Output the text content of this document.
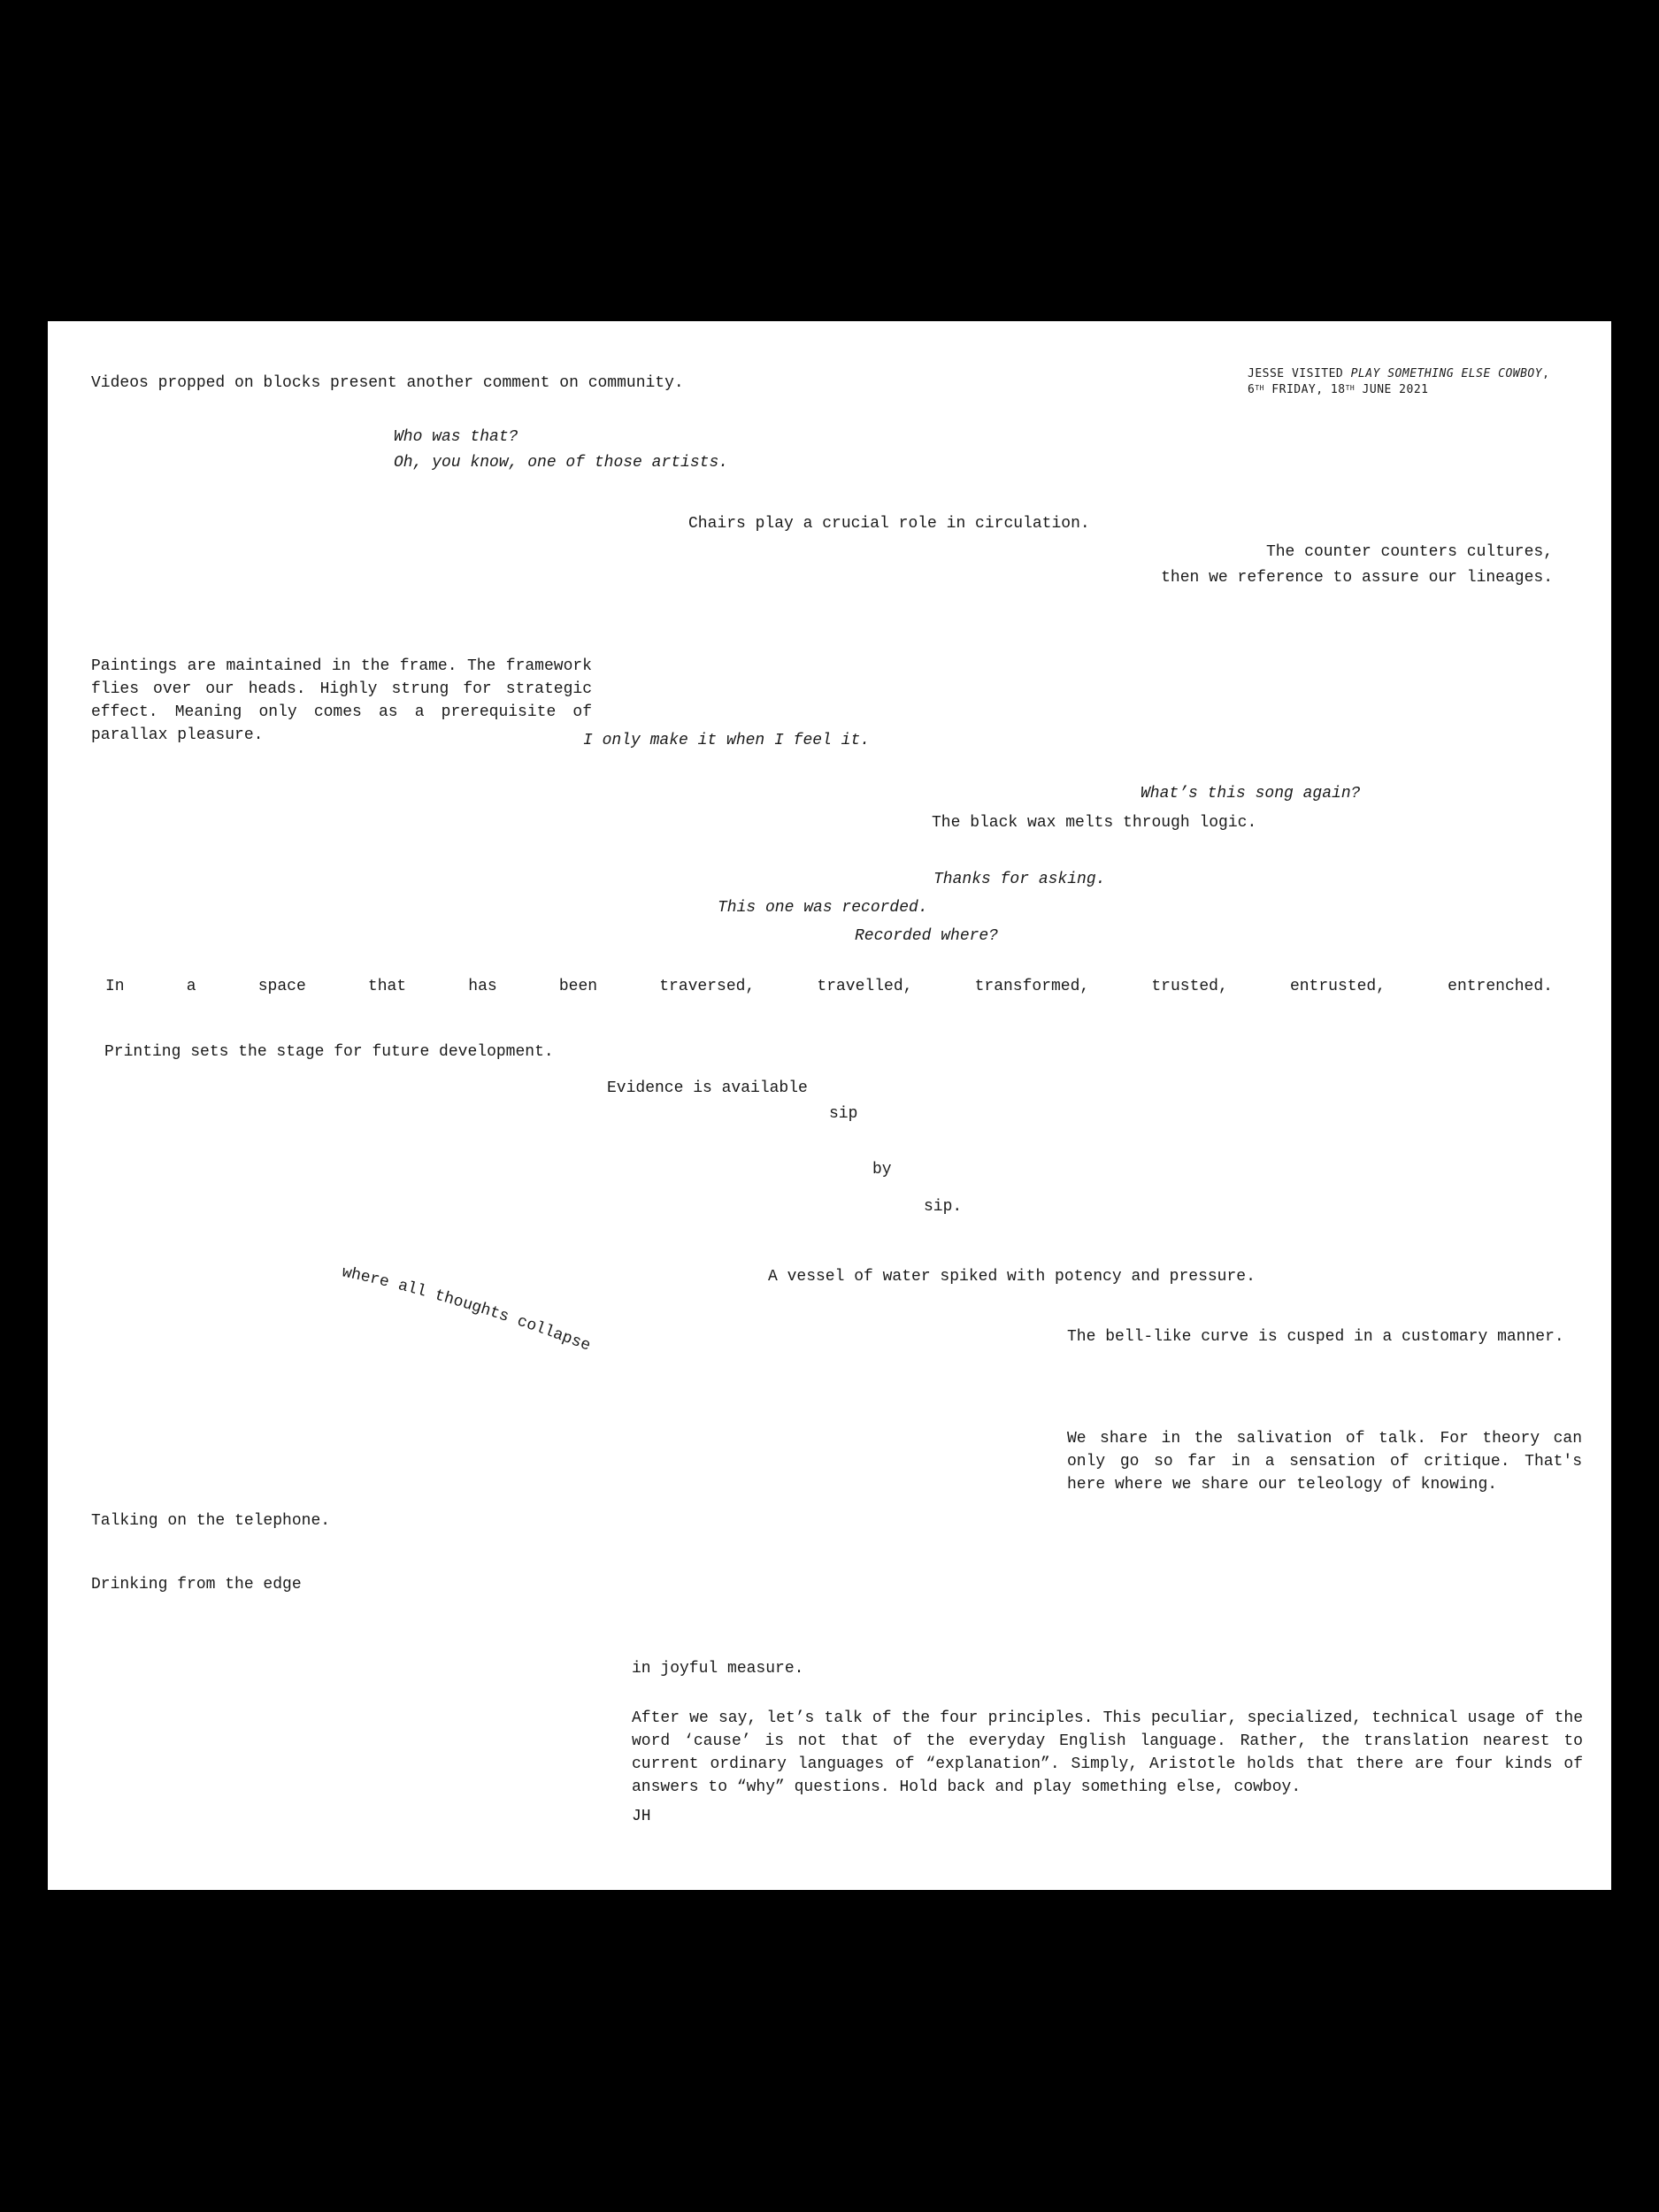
JESSE VISITED PLAY SOMETHING ELSE COWBOY,
6TH FRIDAY, 18TH JUNE 2021

Videos propped on blocks present another comment on community.

Who was that?

Oh, you know, one of those artists.

Chairs play a crucial role in circulation.

The counter counters cultures,

then we reference to assure our lineages.

Paintings are maintained in the frame. The framework flies over our heads. Highly strung for strategic effect. Meaning only comes as a prerequisite of parallax pleasure.	I only make it when I feel it.

What’s this song again?

The black wax melts through logic.

Thanks for asking.

This one was recorded.

Recorded where?

In	a	space	that	has	been	traversed,	travelled,	transformed,	trusted,	entrusted,	entrenched.

Printing sets the stage for future development.

Evidence is available

sip

by

sip.

A vessel of water spiked with potency and pressure.

The bell-like curve is cusped in a customary manner.

We share in the salivation of talk. For theory can only go so far in a sensation of critique. That's here where we share our teleology of knowing.

Talking on the telephone.

Drinking from the edge

in joyful measure.

After we say, let’s talk of the four principles. This peculiar, specialized, technical usage of the word ‘cause’ is not that of the everyday English language. Rather, the translation nearest to current ordinary languages of “explanation”. Simply, Aristotle holds that there are four kinds of answers to “why” questions. Hold back and play something else, cowboy.

JH

where all thoughts collapse
